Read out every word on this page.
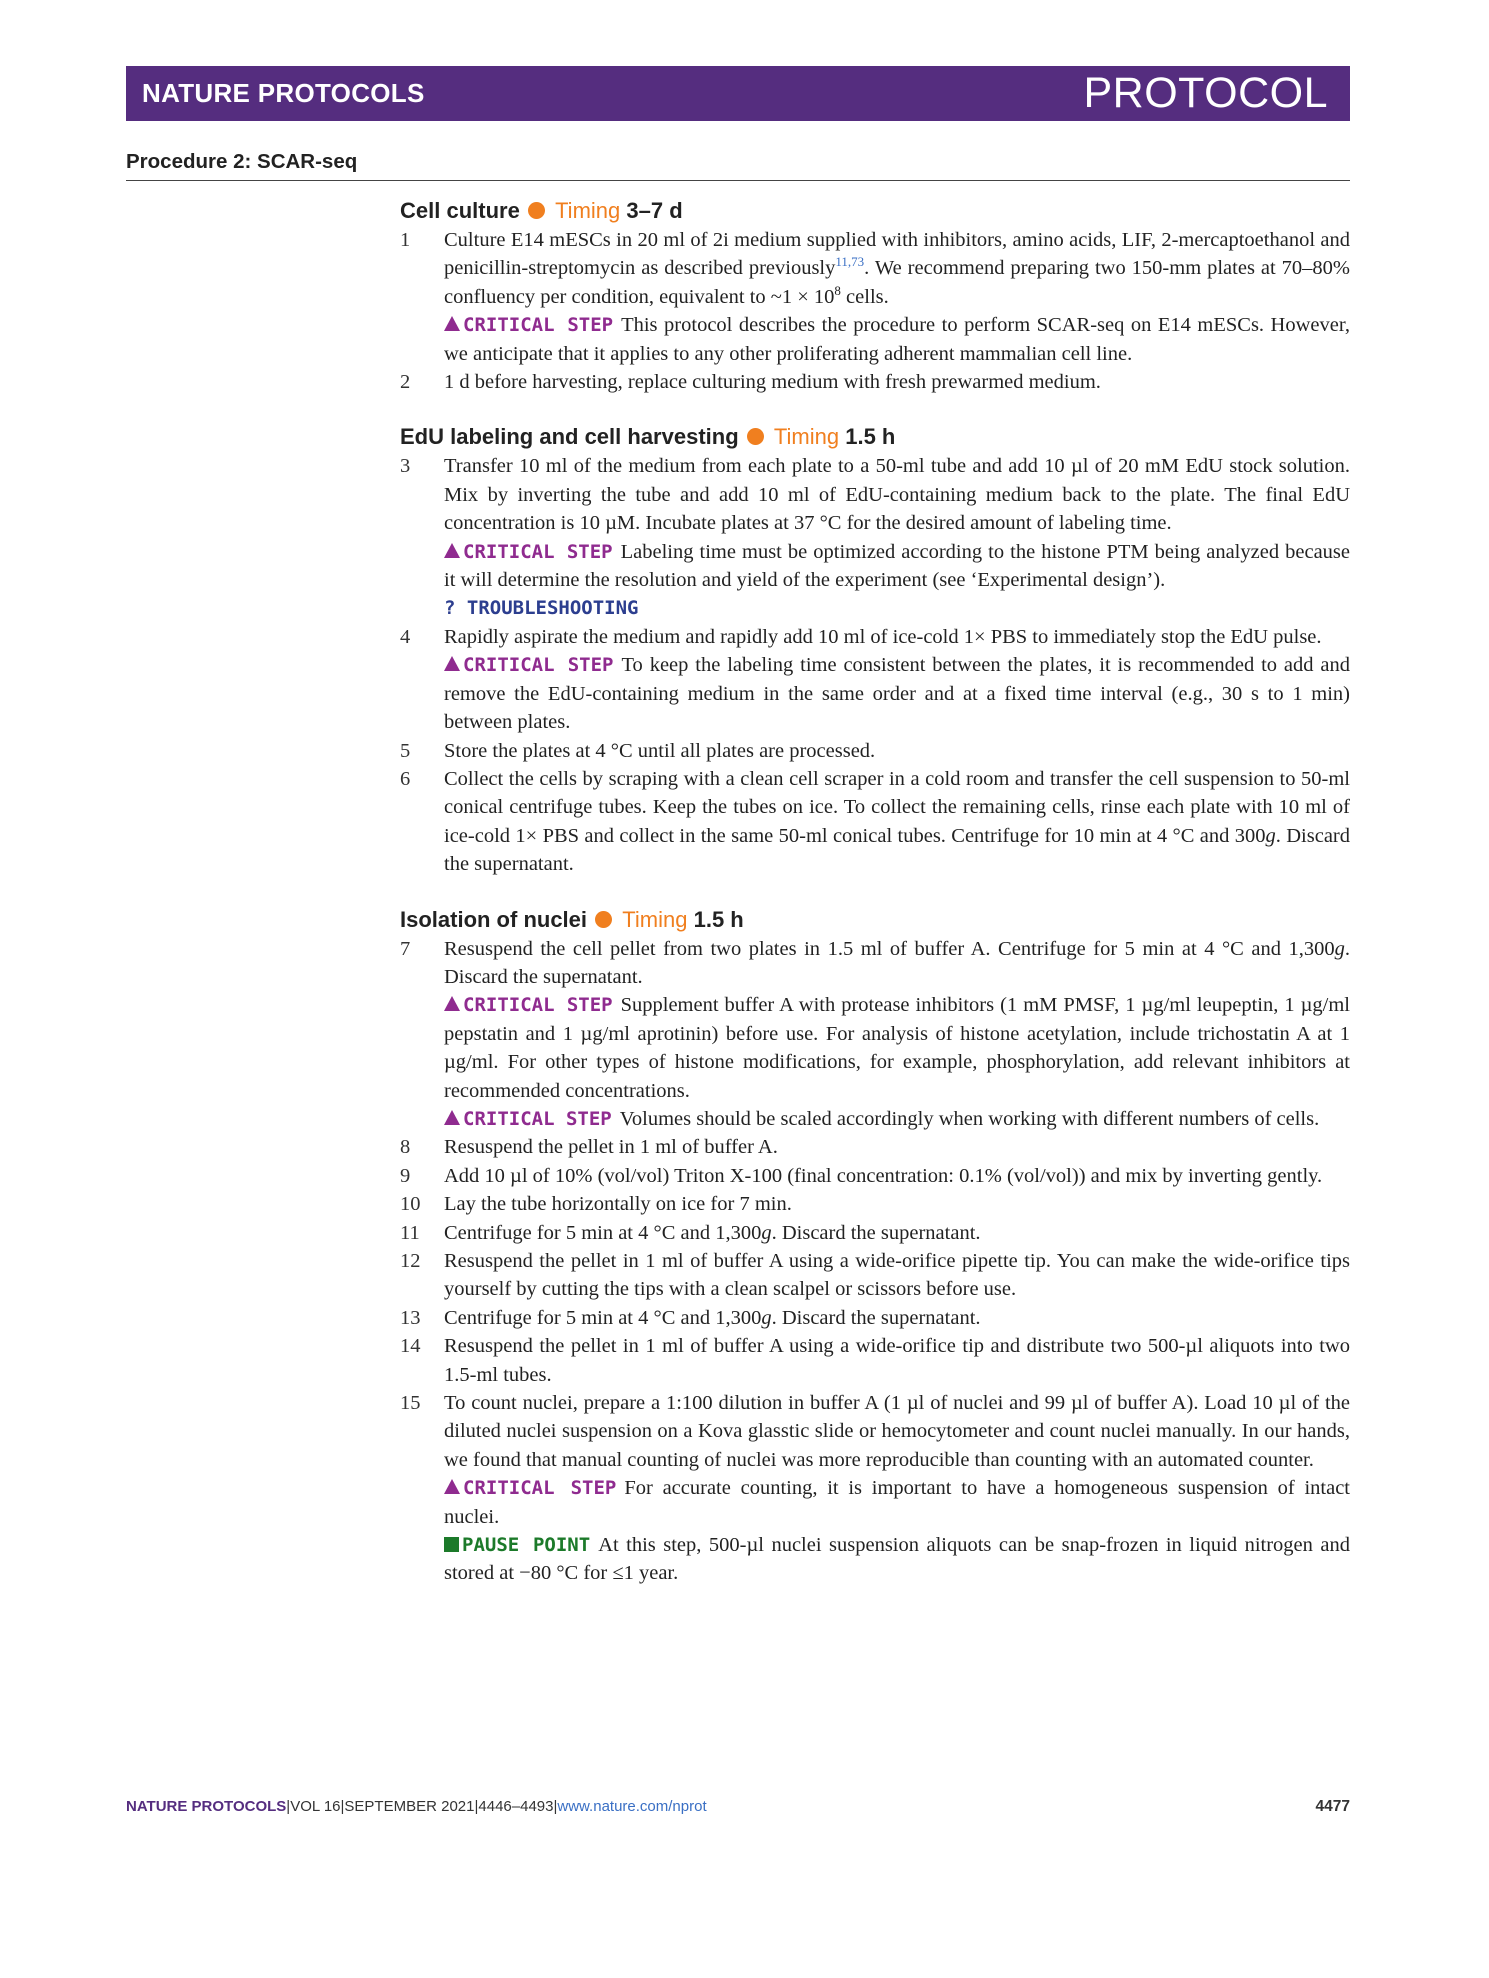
NATURE PROTOCOLS	PROTOCOL
Procedure 2: SCAR-seq
Cell culture Timing 3–7 d
1	Culture E14 mESCs in 20 ml of 2i medium supplied with inhibitors, amino acids, LIF, 2-mercaptoethanol and penicillin-streptomycin as described previously$^{11,73}$. We recommend preparing two 150-mm plates at 70–80% confluency per condition, equivalent to ~1 × $10^8$ cells.
CRITICAL STEP This protocol describes the procedure to perform SCAR-seq on E14 mESCs. However, we anticipate that it applies to any other proliferating adherent mammalian cell line.
2	1 d before harvesting, replace culturing medium with fresh prewarmed medium.
EdU labeling and cell harvesting Timing 1.5 h
3	Transfer 10 ml of the medium from each plate to a 50-ml tube and add 10 µl of 20 mM EdU stock solution. Mix by inverting the tube and add 10 ml of EdU-containing medium back to the plate. The final EdU concentration is 10 µM. Incubate plates at 37 °C for the desired amount of labeling time.
CRITICAL STEP Labeling time must be optimized according to the histone PTM being analyzed because it will determine the resolution and yield of the experiment (see ‘Experimental design’).
? TROUBLESHOOTING
4	Rapidly aspirate the medium and rapidly add 10 ml of ice-cold 1× PBS to immediately stop the EdU pulse.
CRITICAL STEP To keep the labeling time consistent between the plates, it is recommended to add and remove the EdU-containing medium in the same order and at a fixed time interval (e.g., 30 s to 1 min) between plates.
5	Store the plates at 4 °C until all plates are processed.
6	Collect the cells by scraping with a clean cell scraper in a cold room and transfer the cell suspension to 50-ml conical centrifuge tubes. Keep the tubes on ice. To collect the remaining cells, rinse each plate with 10 ml of ice-cold 1× PBS and collect in the same 50-ml conical tubes. Centrifuge for 10 min at 4 °C and 300g. Discard the supernatant.
Isolation of nuclei Timing 1.5 h
7	Resuspend the cell pellet from two plates in 1.5 ml of buffer A. Centrifuge for 5 min at 4 °C and 1,300g. Discard the supernatant.
CRITICAL STEP Supplement buffer A with protease inhibitors (1 mM PMSF, 1 µg/ml leupeptin, 1 µg/ml pepstatin and 1 µg/ml aprotinin) before use. For analysis of histone acetylation, include trichostatin A at 1 µg/ml. For other types of histone modifications, for example, phosphorylation, add relevant inhibitors at recommended concentrations.
CRITICAL STEP Volumes should be scaled accordingly when working with different numbers of cells.
8	Resuspend the pellet in 1 ml of buffer A.
9	Add 10 µl of 10% (vol/vol) Triton X-100 (final concentration: 0.1% (vol/vol)) and mix by inverting gently.
10	Lay the tube horizontally on ice for 7 min.
11	Centrifuge for 5 min at 4 °C and 1,300g. Discard the supernatant.
12	Resuspend the pellet in 1 ml of buffer A using a wide-orifice pipette tip. You can make the wide-orifice tips yourself by cutting the tips with a clean scalpel or scissors before use.
13	Centrifuge for 5 min at 4 °C and 1,300g. Discard the supernatant.
14	Resuspend the pellet in 1 ml of buffer A using a wide-orifice tip and distribute two 500-µl aliquots into two 1.5-ml tubes.
15	To count nuclei, prepare a 1:100 dilution in buffer A (1 µl of nuclei and 99 µl of buffer A). Load 10 µl of the diluted nuclei suspension on a Kova glasstic slide or hemocytometer and count nuclei manually. In our hands, we found that manual counting of nuclei was more reproducible than counting with an automated counter.
CRITICAL STEP For accurate counting, it is important to have a homogeneous suspension of intact nuclei.
PAUSE POINT At this step, 500-µl nuclei suspension aliquots can be snap-frozen in liquid nitrogen and stored at −80 °C for ≤1 year.
NATURE PROTOCOLS|VOL 16|SEPTEMBER 2021|4446–4493|www.nature.com/nprot	4477
